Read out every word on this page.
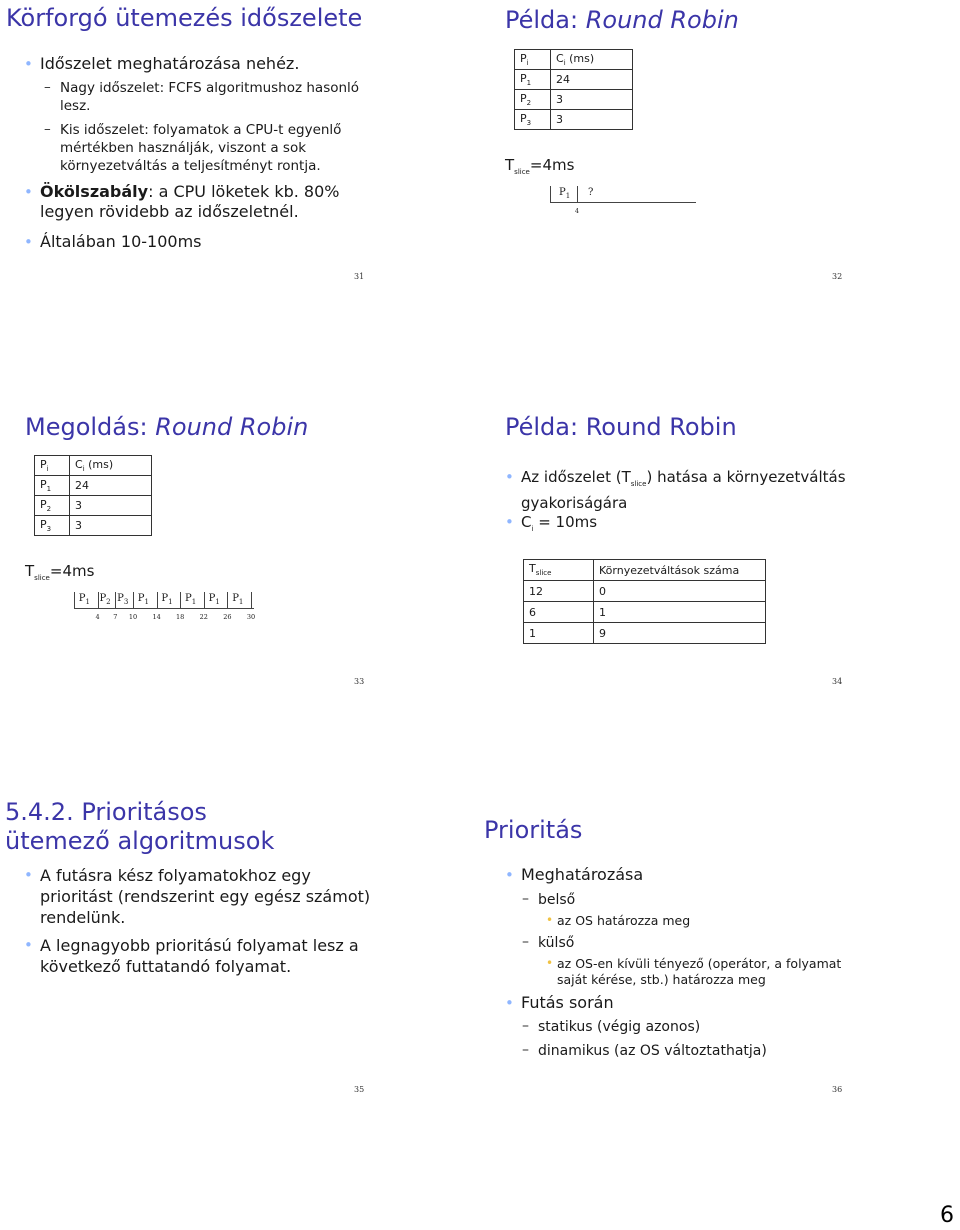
Körforgó ütemezés időszelete
• Időszelet meghatározása nehéz.
– Nagy időszelet: FCFS algoritmushoz hasonló lesz.
– Kis időszelet: folyamatok a CPU-t egyenlő mértékben használják, viszont a sok környezetváltás a teljesítményt rontja.
• Ökölszabály: a CPU löketek kb. 80% legyen rövidebb az időszeletnél.
• Általában 10-100ms
31
Példa: Round Robin
$P_i$	$C_i$ (ms)
$P_1$	24
$P_2$	3
$P_3$	3
$T_{slice}=4ms$
$P_1$ ?
4
32
Megoldás: Round Robin
$P_i$	$C_i$ (ms)
$P_1$	24
$P_2$	3
$P_3$	3
$T_{slice}=4ms$
$P_1$
4
$P_2$
7
$P_3$
10
$P_1$
14
$P_1$
18
$P_1$
22
$P_1$
26
$P_1$
30
33
Példa: Round Robin
• Az időszelet $(T_{slice})$ hatása a környezetváltás gyakoriságára
• $C_i = 10ms$
$T_{slice}$	Környezetváltások száma
12	0
6	1
1	9
34
5.4.2. Prioritásos ütemező algoritmusok
• A futásra kész folyamatokhoz egy prioritást (rendszerint egy egész számot) rendelünk.
• A legnagyobb prioritású folyamat lesz a következő futtatandó folyamat.
35
Prioritás
• Meghatározása
– belső
• az OS határozza meg
– külső
• az OS-en kívüli tényező (operátor, a folyamat saját kérése, stb.) határozza meg
• Futás során
– statikus (végig azonos)
– dinamikus (az OS változtathatja)
36
6
